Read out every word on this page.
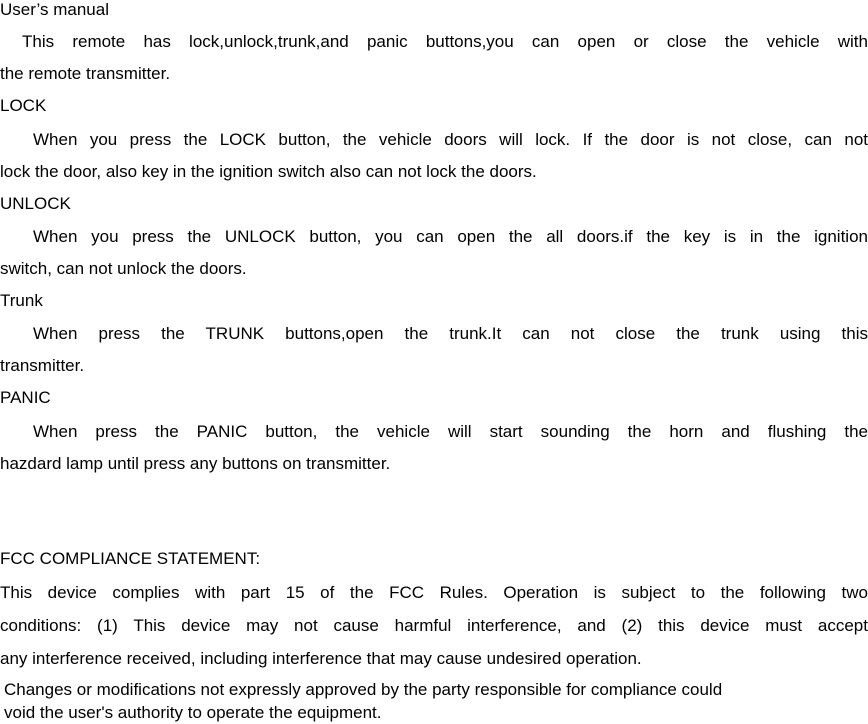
User’s manual
This remote has lock,unlock,trunk,and panic buttons,you can open or close the vehicle with
the remote transmitter.
LOCK
When you press the LOCK button, the vehicle doors will lock. If the door is not close, can not
lock the door, also key in the ignition switch also can not lock the doors.
UNLOCK
When you press the UNLOCK button, you can open the all doors.if the key is in the ignition
switch, can not unlock the doors.
Trunk
When press the TRUNK buttons,open the trunk.It can not close the trunk using this
transmitter.
PANIC
When press the PANIC button, the vehicle will start sounding the horn and flushing the
hazdard lamp until press any buttons on transmitter.
FCC COMPLIANCE STATEMENT:
This device complies with part 15 of the FCC Rules. Operation is subject to the following two
conditions: (1) This device may not cause harmful interference, and (2) this device must accept
any interference received, including interference that may cause undesired operation.
Changes or modifications not expressly approved by the party responsible for compliance could
void the user's authority to operate the equipment.
